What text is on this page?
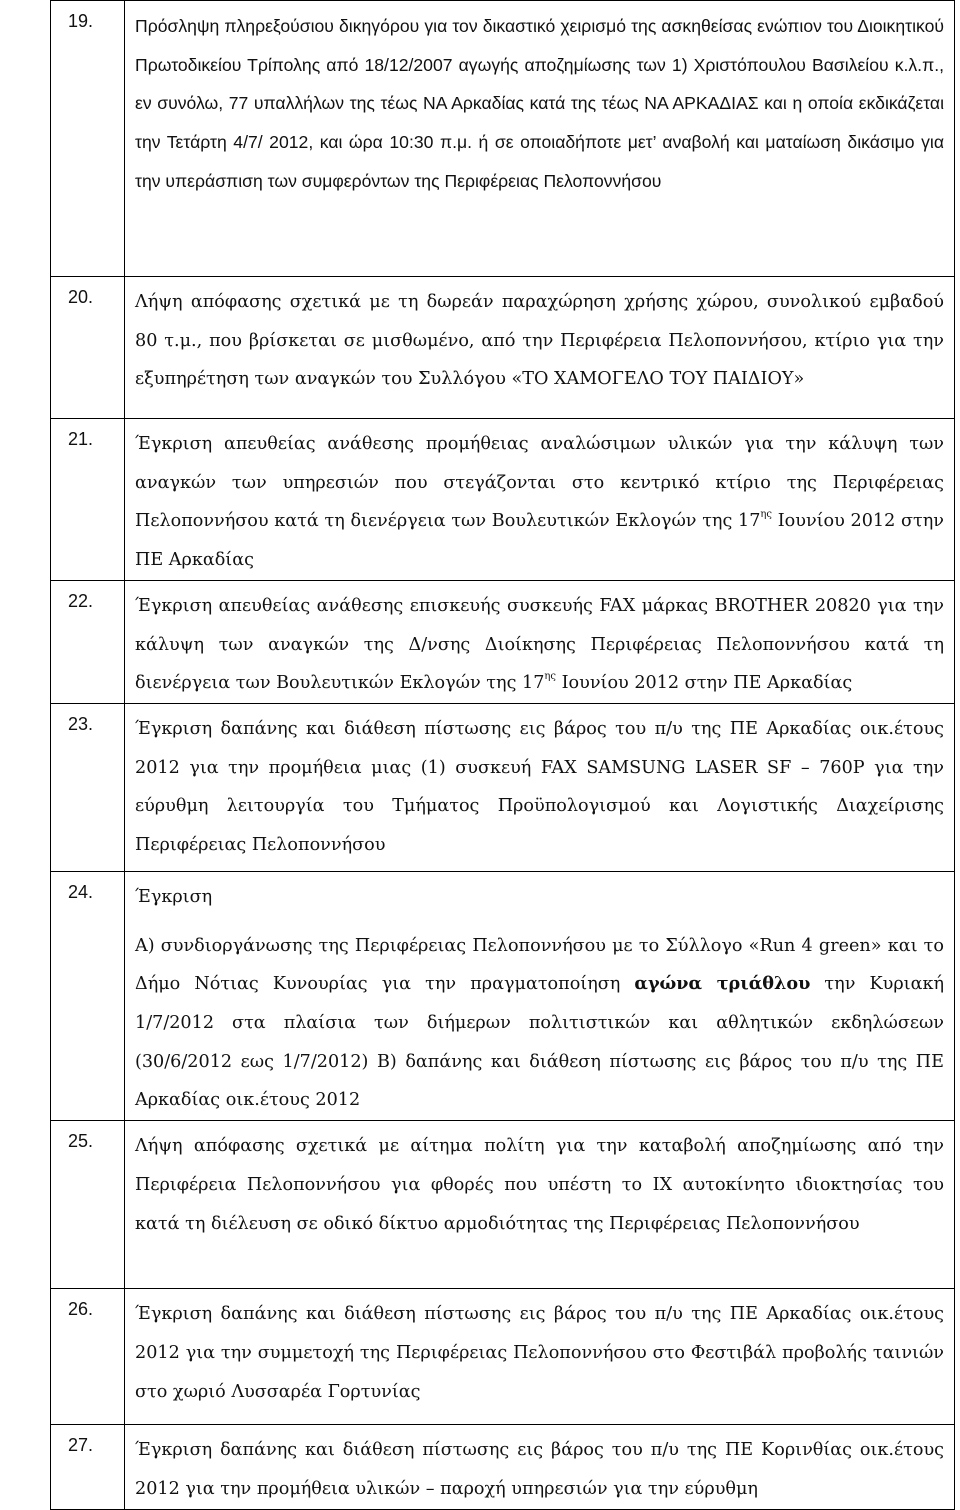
19.	Πρόσληψη πληρεξούσιου δικηγόρου για τον δικαστικό χειρισμό της ασκηθείσας ενώπιον του Διοικητικού Πρωτοδικείου Τρίπολης από 18/12/2007 αγωγής αποζημίωσης των 1) Χριστόπουλου Βασιλείου κ.λ.π., εν συνόλω, 77 υπαλλήλων της τέως ΝΑ Αρκαδίας κατά της τέως ΝΑ ΑΡΚΑΔΙΑΣ και η οποία εκδικάζεται την Τετάρτη 4/7/ 2012, και ώρα 10:30 π.μ. ή σε οποιαδήποτε μετ’ αναβολή και ματαίωση δικάσιμο για την υπεράσπιση των συμφερόντων της Περιφέρειας Πελοποννήσου

20.	Λήψη απόφασης σχετικά με τη δωρεάν παραχώρηση χρήσης χώρου, συνολικού εμβαδού 80 τ.μ., που βρίσκεται σε μισθωμένο, από την Περιφέρεια Πελοποννήσου, κτίριο για την εξυπηρέτηση των αναγκών του Συλλόγου «ΤΟ ΧΑΜΟΓΕΛΟ ΤΟΥ ΠΑΙΔΙΟΥ»

21.	Έγκριση απευθείας ανάθεσης προμήθειας αναλώσιμων υλικών για την κάλυψη των αναγκών των υπηρεσιών που στεγάζονται στο κεντρικό κτίριο της Περιφέρειας Πελοποννήσου κατά τη διενέργεια των Βουλευτικών Εκλογών της $17^{\eta\varsigma}$ Ιουνίου 2012 στην ΠΕ Αρκαδίας

22.	Έγκριση απευθείας ανάθεσης επισκευής συσκευής FAX μάρκας BROTHER 20820 για την κάλυψη των αναγκών της Δ/νσης Διοίκησης Περιφέρειας Πελοποννήσου κατά τη διενέργεια των Βουλευτικών Εκλογών της $17^{\eta\varsigma}$ Ιουνίου 2012 στην ΠΕ Αρκαδίας

23.	Έγκριση δαπάνης και διάθεση πίστωσης εις βάρος του π/υ της ΠΕ Αρκαδίας οικ.έτους 2012 για την προμήθεια μιας (1) συσκευή FAX SAMSUNG LASER SF – 760P για την εύρυθμη λειτουργία του Τμήματος Προϋπολογισμού και Λογιστικής Διαχείρισης Περιφέρειας Πελοποννήσου

24.	Έγκριση
Α) συνδιοργάνωσης της Περιφέρειας Πελοποννήσου με το Σύλλογο «Run 4 green» και το Δήμο Νότιας Κυνουρίας για την πραγματοποίηση αγώνα τριάθλου την Κυριακή 1/7/2012 στα πλαίσια των διήμερων πολιτιστικών και αθλητικών εκδηλώσεων (30/6/2012 εως 1/7/2012) Β) δαπάνης και διάθεση πίστωσης εις βάρος του π/υ της ΠΕ Αρκαδίας οικ.έτους 2012

25.	Λήψη απόφασης σχετικά με αίτημα πολίτη για την καταβολή αποζημίωσης από την Περιφέρεια Πελοποννήσου για φθορές που υπέστη το ΙΧ αυτοκίνητο ιδιοκτησίας του κατά τη διέλευση σε οδικό δίκτυο αρμοδιότητας της Περιφέρειας Πελοποννήσου

26.	Έγκριση δαπάνης και διάθεση πίστωσης εις βάρος του π/υ της ΠΕ Αρκαδίας οικ.έτους 2012 για την συμμετοχή της Περιφέρειας Πελοποννήσου στο Φεστιβάλ προβολής ταινιών στο χωριό Λυσσαρέα Γορτυνίας

27.	Έγκριση δαπάνης και διάθεση πίστωσης εις βάρος του π/υ της ΠΕ Κορινθίας οικ.έτους 2012 για την προμήθεια υλικών – παροχή υπηρεσιών για την εύρυθμη
